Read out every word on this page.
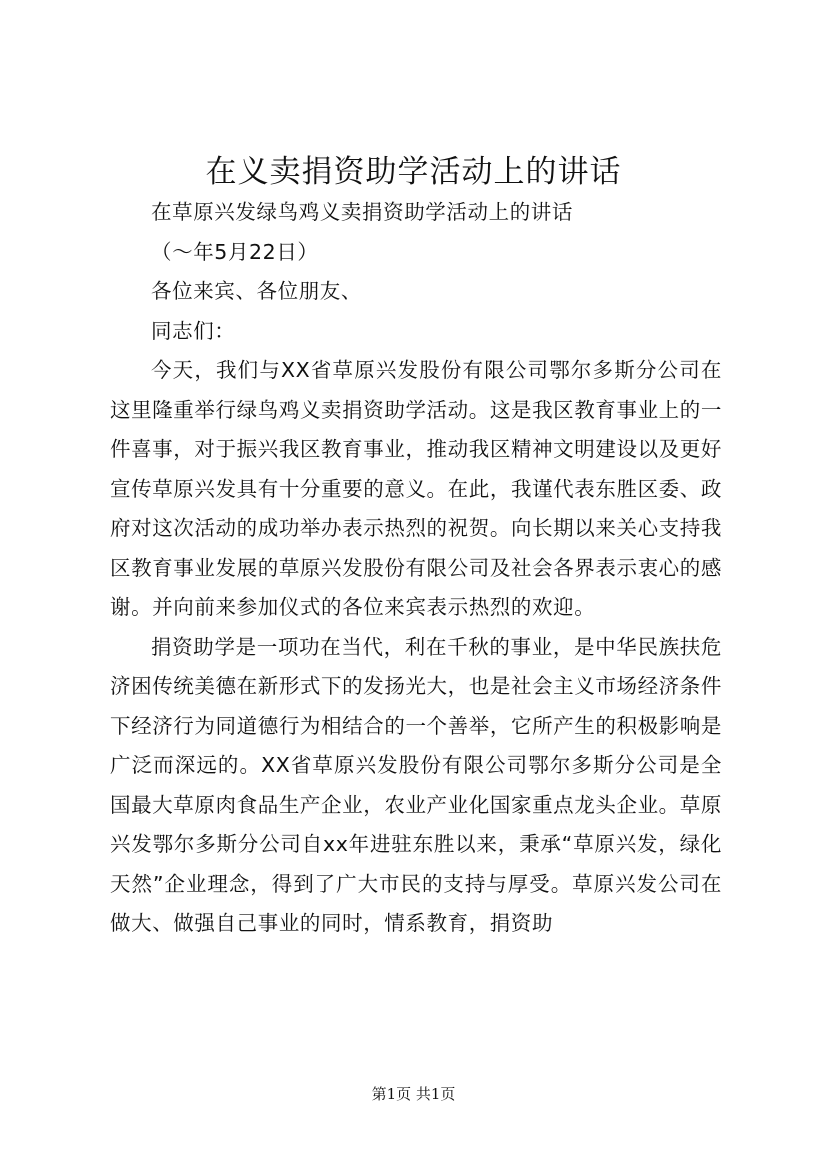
在义卖捐资助学活动上的讲话

在草原兴发绿鸟鸡义卖捐资助学活动上的讲话

（～年5月22日）

各位来宾、各位朋友、

同志们：

今天，我们与XX省草原兴发股份有限公司鄂尔多斯分公司在这里隆重举行绿鸟鸡义卖捐资助学活动。这是我区教育事业上的一件喜事，对于振兴我区教育事业，推动我区精神文明建设以及更好宣传草原兴发具有十分重要的意义。在此，我谨代表东胜区委、政府对这次活动的成功举办表示热烈的祝贺。向长期以来关心支持我区教育事业发展的草原兴发股份有限公司及社会各界表示衷心的感谢。并向前来参加仪式的各位来宾表示热烈的欢迎。

捐资助学是一项功在当代，利在千秋的事业，是中华民族扶危济困传统美德在新形式下的发扬光大，也是社会主义市场经济条件下经济行为同道德行为相结合的一个善举，它所产生的积极影响是广泛而深远的。XX省草原兴发股份有限公司鄂尔多斯分公司是全国最大草原肉食品生产企业，农业产业化国家重点龙头企业。草原兴发鄂尔多斯分公司自xx年进驻东胜以来，秉承“草原兴发，绿化天然”企业理念，得到了广大市民的支持与厚受。草原兴发公司在做大、做强自己事业的同时，情系教育，捐资助

第1页 共1页
